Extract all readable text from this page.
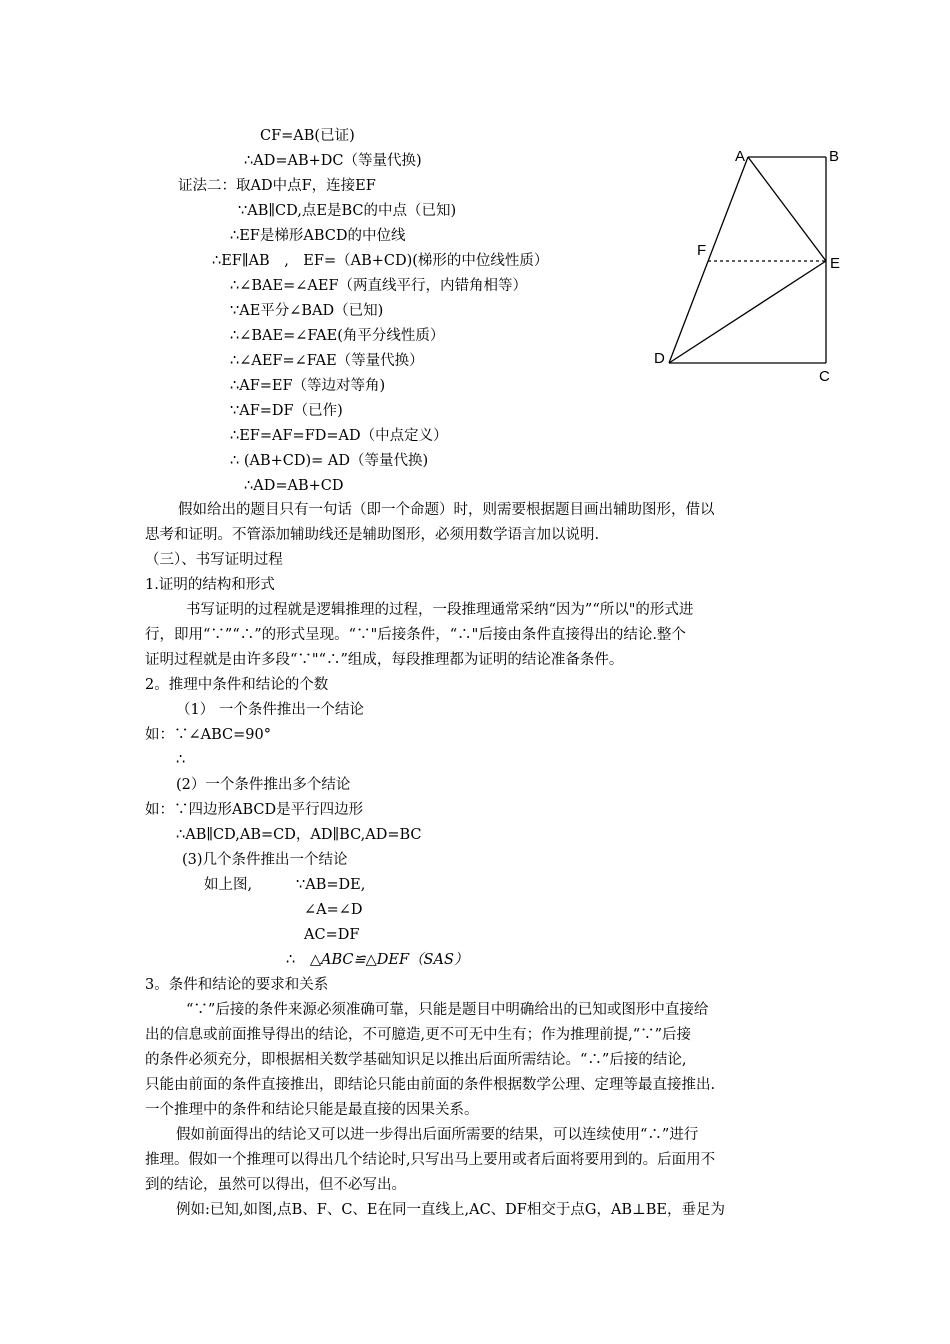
CF=AB(已证)
∴AD=AB+DC（等量代换)
证法二：取AD中点F，连接EF
∵AB∥CD,点E是BC的中点（已知)
∴EF是梯形ABCD的中位线
∴EF∥AB　,　EF=（AB+CD)(梯形的中位线性质）
∴∠BAE=∠AEF（两直线平行，内错角相等）
∵AE平分∠BAD（已知)
∴∠BAE=∠FAE(角平分线性质）
∴∠AEF=∠FAE（等量代换）
∴AF=EF（等边对等角)
∵AF=DF（已作)
∴EF=AF=FD=AD（中点定义）
∴ (AB+CD)= AD（等量代换)
∴AD=AB+CD
A	B
F
E
D
C
假如给出的题目只有一句话（即一个命题）时，则需要根据题目画出辅助图形，借以
思考和证明。不管添加辅助线还是辅助图形，必须用数学语言加以说明.
（三）、书写证明过程
1.证明的结构和形式
书写证明的过程就是逻辑推理的过程，一段推理通常采纳“因为”“所以"的形式进
行，即用“∵”“∴”的形式呈现。“∵"后接条件，“∴"后接由条件直接得出的结论.整个
证明过程就是由许多段“∵"“∴”组成，每段推理都为证明的结论准备条件。
2。推理中条件和结论的个数
（1） 一个条件推出一个结论
如：∵∠ABC=90°
∴
(2）一个条件推出多个结论
如：∵四边形ABCD是平行四边形
∴AB∥CD,AB=CD，AD∥BC,AD=BC
(3)几个条件推出一个结论
如上图,	∵AB=DE,
∠A=∠D
AC=DF
∴ △ABC≌△DEF（SAS）
3。条件和结论的要求和关系
“∵”后接的条件来源必须准确可靠，只能是题目中明确给出的已知或图形中直接给
出的信息或前面推导得出的结论，不可臆造,更不可无中生有；作为推理前提,“∵”后接
的条件必须充分，即根据相关数学基础知识足以推出后面所需结论。“∴”后接的结论,
只能由前面的条件直接推出，即结论只能由前面的条件根据数学公理、定理等最直接推出.
一个推理中的条件和结论只能是最直接的因果关系。
假如前面得出的结论又可以进一步得出后面所需要的结果，可以连续使用“∴”进行
推理。假如一个推理可以得出几个结论时,只写出马上要用或者后面将要用到的。后面用不
到的结论，虽然可以得出，但不必写出。
例如:已知,如图,点B、F、C、E在同一直线上,AC、DF相交于点G，AB⊥BE，垂足为
